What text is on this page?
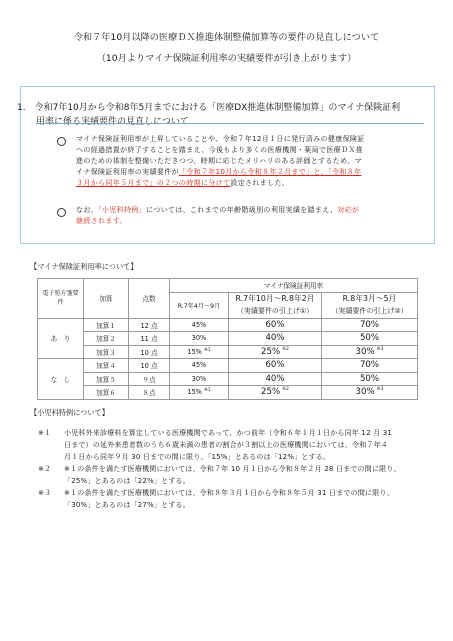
令和７年10月以降の医療ＤＸ推進体制整備加算等の要件の見直しについて
（10月よりマイナ保険証利用率の実績要件が引き上がります）
1.　令和7年10月から令和8年5月までにおける「医療DX推進体制整備加算」のマイナ保険証利
用率に係る実績要件の見直しについて
マイナ保険証利用率が上昇していることや、令和７年12月１日に発行済みの健康保険証
への経過措置が終了することを踏まえ、今後もより多くの医療機関・薬局で医療ＤＸ推
進のための体制を整備いただきつつ、時期に応じたメリハリのある評価とするため、マ
イナ保険証利用率の実績要件が「令和７年10月から令和８年２月まで」と、「令和８年
３月から同年５月まで」の２つの時期に分けて設定されました。
なお、「小児科特例」については、これまでの年齢階級別の利用実績を踏まえ、対応が
継続されます。
【マイナ保険証利用率について】
電子処方箋要件	加算	点数	マイナ保険証利用率		
			R.7年4月～9月	R.7年10月～R.8年2月	R.8年3月～5月
				（実績要件の引上げ①）	（実績要件の引上げ②）
あ　り	加算１	12 点	45%	60%	70%
	加算２	11 点	30%	40%	50%
	加算３	10 点	15% $^{※1}$	25% $^{※2}$	30% $^{※3}$
な　し	加算４	10 点	45%	60%	70%
	加算５	９点	30%	40%	50%
	加算６	８点	15% $^{※1}$	25% $^{※2}$	30% $^{※3}$
【小児科特例について】
※１ 小児科外来診療料を算定している医療機関であって、かつ前年（令和６年１月１日から同年 12 月 31
日まで）の延外来患者数のうち６歳未満の患者の割合が３割以上の医療機関においては、令和７年４
月１日から同年９月 30 日までの間に限り、「15%」とあるのは「12%」とする。
※２ ※１の条件を満たす医療機関においては、令和７年 10 月１日から令和８年２月 28 日までの間に限り、
「25%」とあるのは「22%」とする。
※３ ※１の条件を満たす医療機関においては、令和８年３月１日から令和８年５月 31 日までの間に限り、
「30%」とあるのは「27%」とする。
